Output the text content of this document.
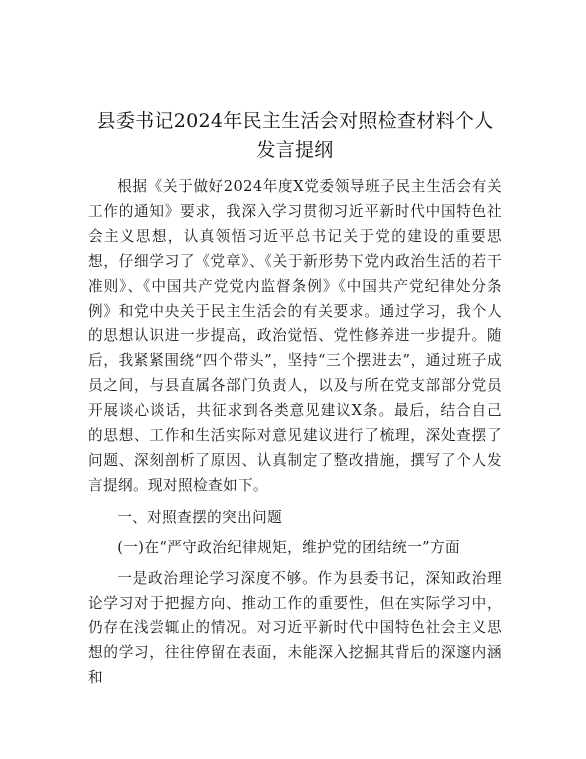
县委书记2024年民主生活会对照检查材料个人
发言提纲

根据《关于做好2024年度X党委领导班子民主生活会有关工作的通知》要求，我深入学习贯彻习近平新时代中国特色社会主义思想，认真领悟习近平总书记关于党的建设的重要思想，仔细学习了《党章》、《关于新形势下党内政治生活的若干准则》、《中国共产党党内监督条例》《中国共产党纪律处分条例》和党中央关于民主生活会的有关要求。通过学习，我个人的思想认识进一步提高，政治觉悟、党性修养进一步提升。随后，我紧紧围绕“四个带头”，坚持“三个摆进去”，通过班子成员之间，与县直属各部门负责人，以及与所在党支部部分党员开展谈心谈话，共征求到各类意见建议X条。最后，结合自己的思想、工作和生活实际对意见建议进行了梳理，深处查摆了问题、深刻剖析了原因、认真制定了整改措施，撰写了个人发言提纲。现对照检查如下。

一、对照查摆的突出问题

(一)在“严守政治纪律规矩，维护党的团结统一”方面

一是政治理论学习深度不够。作为县委书记，深知政治理论学习对于把握方向、推动工作的重要性，但在实际学习中，仍存在浅尝辄止的情况。对习近平新时代中国特色社会主义思想的学习，往往停留在表面，未能深入挖掘其背后的深邃内涵和
